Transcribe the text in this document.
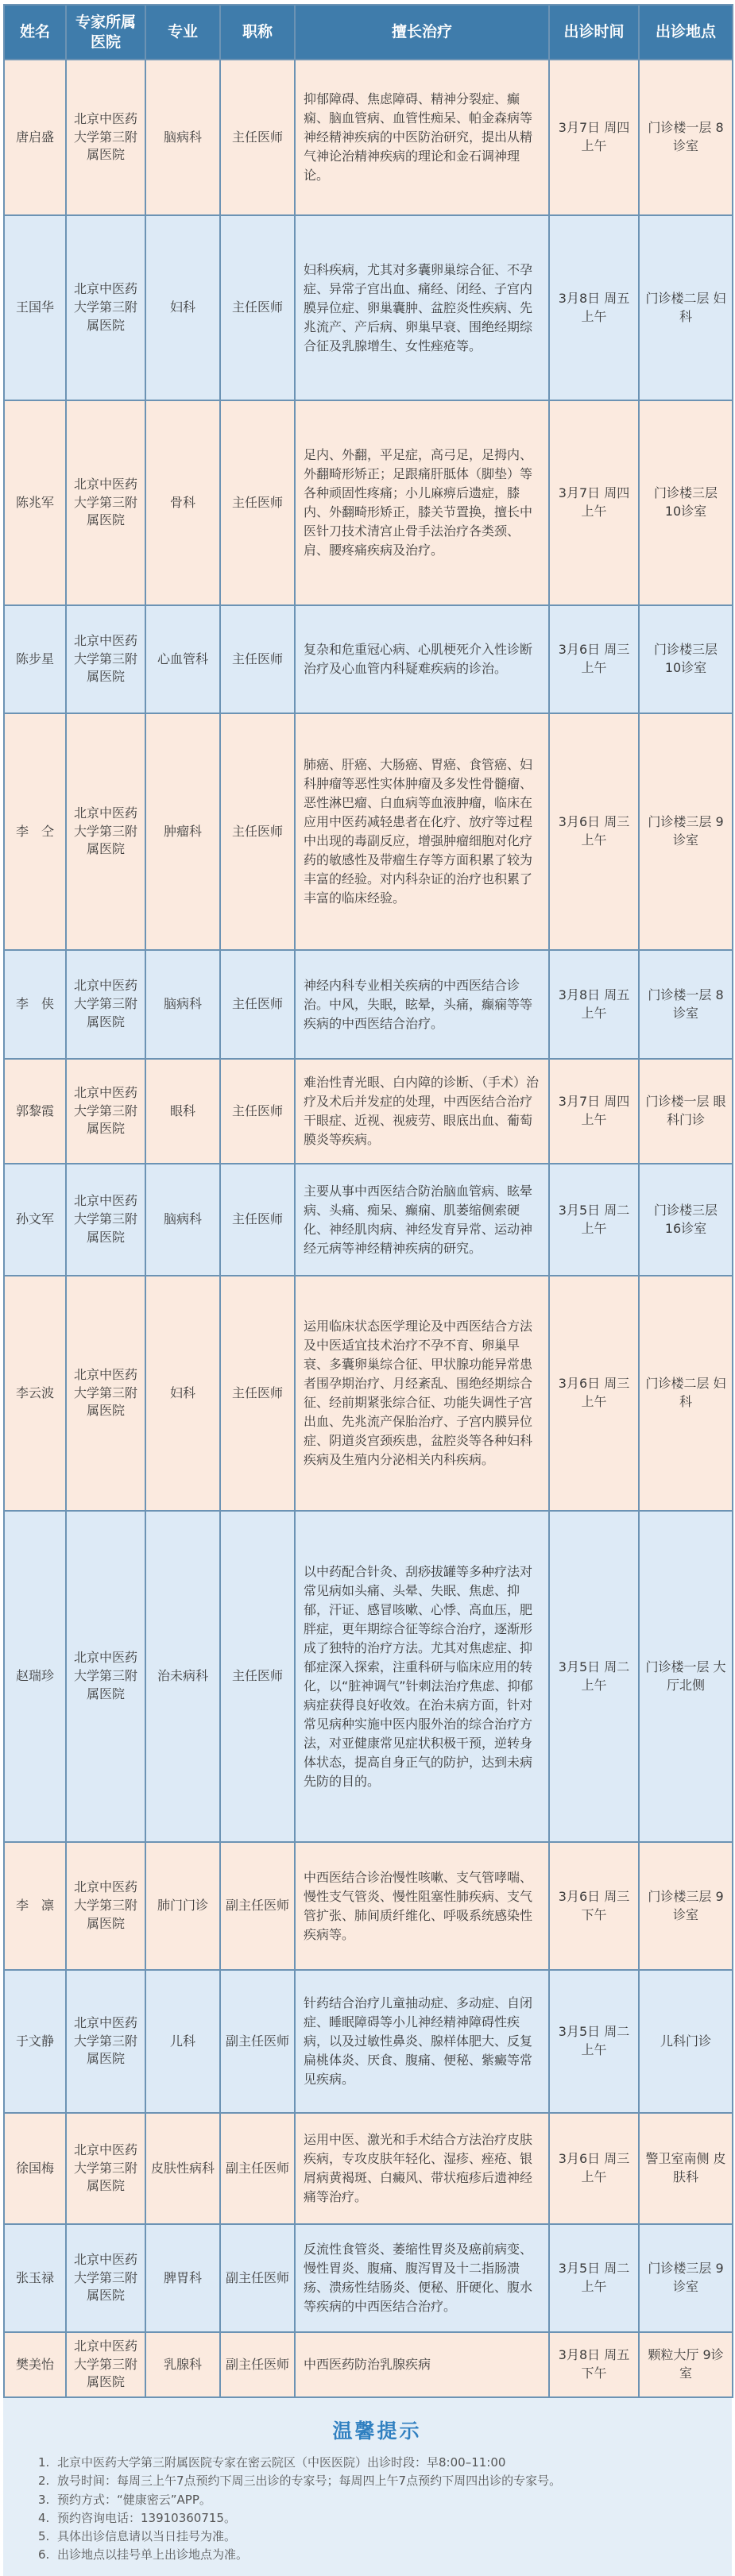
姓名	专家所属医院	专业	职称	擅长治疗	出诊时间	出诊地点
唐启盛	北京中医药大学第三附属医院	脑病科	主任医师	抑郁障碍、焦虑障碍、精神分裂症、癫痫、脑血管病、血管性痴呆、帕金森病等神经精神疾病的中医防治研究，提出从精气神论治精神疾病的理论和金石调神理论。	3月7日 周四上午	门诊楼一层 8诊室
王国华	北京中医药大学第三附属医院	妇科	主任医师	妇科疾病，尤其对多囊卵巢综合征、不孕症、异常子宫出血、痛经、闭经、子宫内膜异位症、卵巢囊肿、盆腔炎性疾病、先兆流产、产后病、卵巢早衰、围绝经期综合征及乳腺增生、女性痤疮等。	3月8日 周五上午	门诊楼二层 妇科
陈兆军	北京中医药大学第三附属医院	骨科	主任医师	足内、外翻，平足症，高弓足，足拇内、外翻畸形矫正；足跟痛肝胝体（脚垫）等各种顽固性疼痛；小儿麻痹后遗症，膝内、外翻畸形矫正，膝关节置换，擅长中医针刀技术清宫止骨手法治疗各类颈、肩、腰疼痛疾病及治疗。	3月7日 周四上午	门诊楼三层 10诊室
陈步星	北京中医药大学第三附属医院	心血管科	主任医师	复杂和危重冠心病、心肌梗死介入性诊断治疗及心血管内科疑难疾病的诊治。	3月6日 周三上午	门诊楼三层 10诊室
李　仝	北京中医药大学第三附属医院	肿瘤科	主任医师	肺癌、肝癌、大肠癌、胃癌、食管癌、妇科肿瘤等恶性实体肿瘤及多发性骨髓瘤、恶性淋巴瘤、白血病等血液肿瘤，临床在应用中医药减轻患者在化疗、放疗等过程中出现的毒副反应，增强肿瘤细胞对化疗药的敏感性及带瘤生存等方面积累了较为丰富的经验。对内科杂证的治疗也积累了丰富的临床经验。	3月6日 周三上午	门诊楼三层 9诊室
李　侠	北京中医药大学第三附属医院	脑病科	主任医师	神经内科专业相关疾病的中西医结合诊治。中风，失眠，眩晕，头痛，癫痫等等疾病的中西医结合治疗。	3月8日 周五上午	门诊楼一层 8诊室
郭黎霞	北京中医药大学第三附属医院	眼科	主任医师	难治性青光眼、白内障的诊断、（手术）治疗及术后并发症的处理，中西医结合治疗干眼症、近视、视疲劳、眼底出血、葡萄膜炎等疾病。	3月7日 周四上午	门诊楼一层 眼科门诊
孙文军	北京中医药大学第三附属医院	脑病科	主任医师	主要从事中西医结合防治脑血管病、眩晕病、头痛、痴呆、癫痫、肌萎缩侧索硬化、神经肌肉病、神经发育异常、运动神经元病等神经精神疾病的研究。	3月5日 周二上午	门诊楼三层 16诊室
李云波	北京中医药大学第三附属医院	妇科	主任医师	运用临床状态医学理论及中西医结合方法及中医适宜技术治疗不孕不育、卵巢早衰、多囊卵巢综合征、甲状腺功能异常患者围孕期治疗、月经紊乱、围绝经期综合征、经前期紧张综合征、功能失调性子宫出血、先兆流产保胎治疗、子宫内膜异位症、阴道炎宫颈疾患，盆腔炎等各种妇科疾病及生殖内分泌相关内科疾病。	3月6日 周三上午	门诊楼二层 妇科
赵瑞珍	北京中医药大学第三附属医院	治未病科	主任医师	以中药配合针灸、刮痧拔罐等多种疗法对常见病如头痛、头晕、失眠、焦虑、抑郁，汗证、感冒咳嗽、心悸、高血压，肥胖症，更年期综合征等综合治疗，逐渐形成了独特的治疗方法。尤其对焦虑症、抑郁症深入探索，注重科研与临床应用的转化，以“脏神调气”针刺法治疗焦虑、抑郁病症获得良好收效。在治未病方面，针对常见病种实施中医内服外治的综合治疗方法，对亚健康常见症状积极干预，逆转身体状态，提高自身正气的防护，达到未病先防的目的。	3月5日 周二上午	门诊楼一层 大厅北侧
李　凛	北京中医药大学第三附属医院	肺门门诊	副主任医师	中西医结合诊治慢性咳嗽、支气管哮喘、慢性支气管炎、慢性阻塞性肺疾病、支气管扩张、肺间质纤维化、呼吸系统感染性疾病等。	3月6日 周三下午	门诊楼三层 9诊室
于文静	北京中医药大学第三附属医院	儿科	副主任医师	针药结合治疗儿童抽动症、多动症、自闭症、睡眠障碍等小儿神经精神障碍性疾病，以及过敏性鼻炎、腺样体肥大、反复扁桃体炎、厌食、腹痛、便秘、紫癜等常见疾病。	3月5日 周二上午	儿科门诊
徐国梅	北京中医药大学第三附属医院	皮肤性病科	副主任医师	运用中医、激光和手术结合方法治疗皮肤疾病，专攻皮肤年轻化、湿疹、痤疮、银屑病黄褐斑、白癜风、带状疱疹后遗神经痛等治疗。	3月6日 周三上午	警卫室南侧 皮肤科
张玉禄	北京中医药大学第三附属医院	脾胃科	副主任医师	反流性食管炎、萎缩性胃炎及癌前病变、慢性胃炎、腹痛、腹泻胃及十二指肠溃疡、溃疡性结肠炎、便秘、肝硬化、腹水等疾病的中西医结合治疗。	3月5日 周二上午	门诊楼三层 9诊室
樊美怡	北京中医药大学第三附属医院	乳腺科	副主任医师	中西医药防治乳腺疾病	3月8日 周五下午	颗粒大厅 9诊室
温馨提示
1. 北京中医药大学第三附属医院专家在密云院区（中医医院）出诊时段：早8:00–11:00
2. 放号时间：每周三上午7点预约下周三出诊的专家号；每周四上午7点预约下周四出诊的专家号。
3. 预约方式：“健康密云”APP。
4. 预约咨询电话：13910360715。
5. 具体出诊信息请以当日挂号为准。
6. 出诊地点以挂号单上出诊地点为准。
